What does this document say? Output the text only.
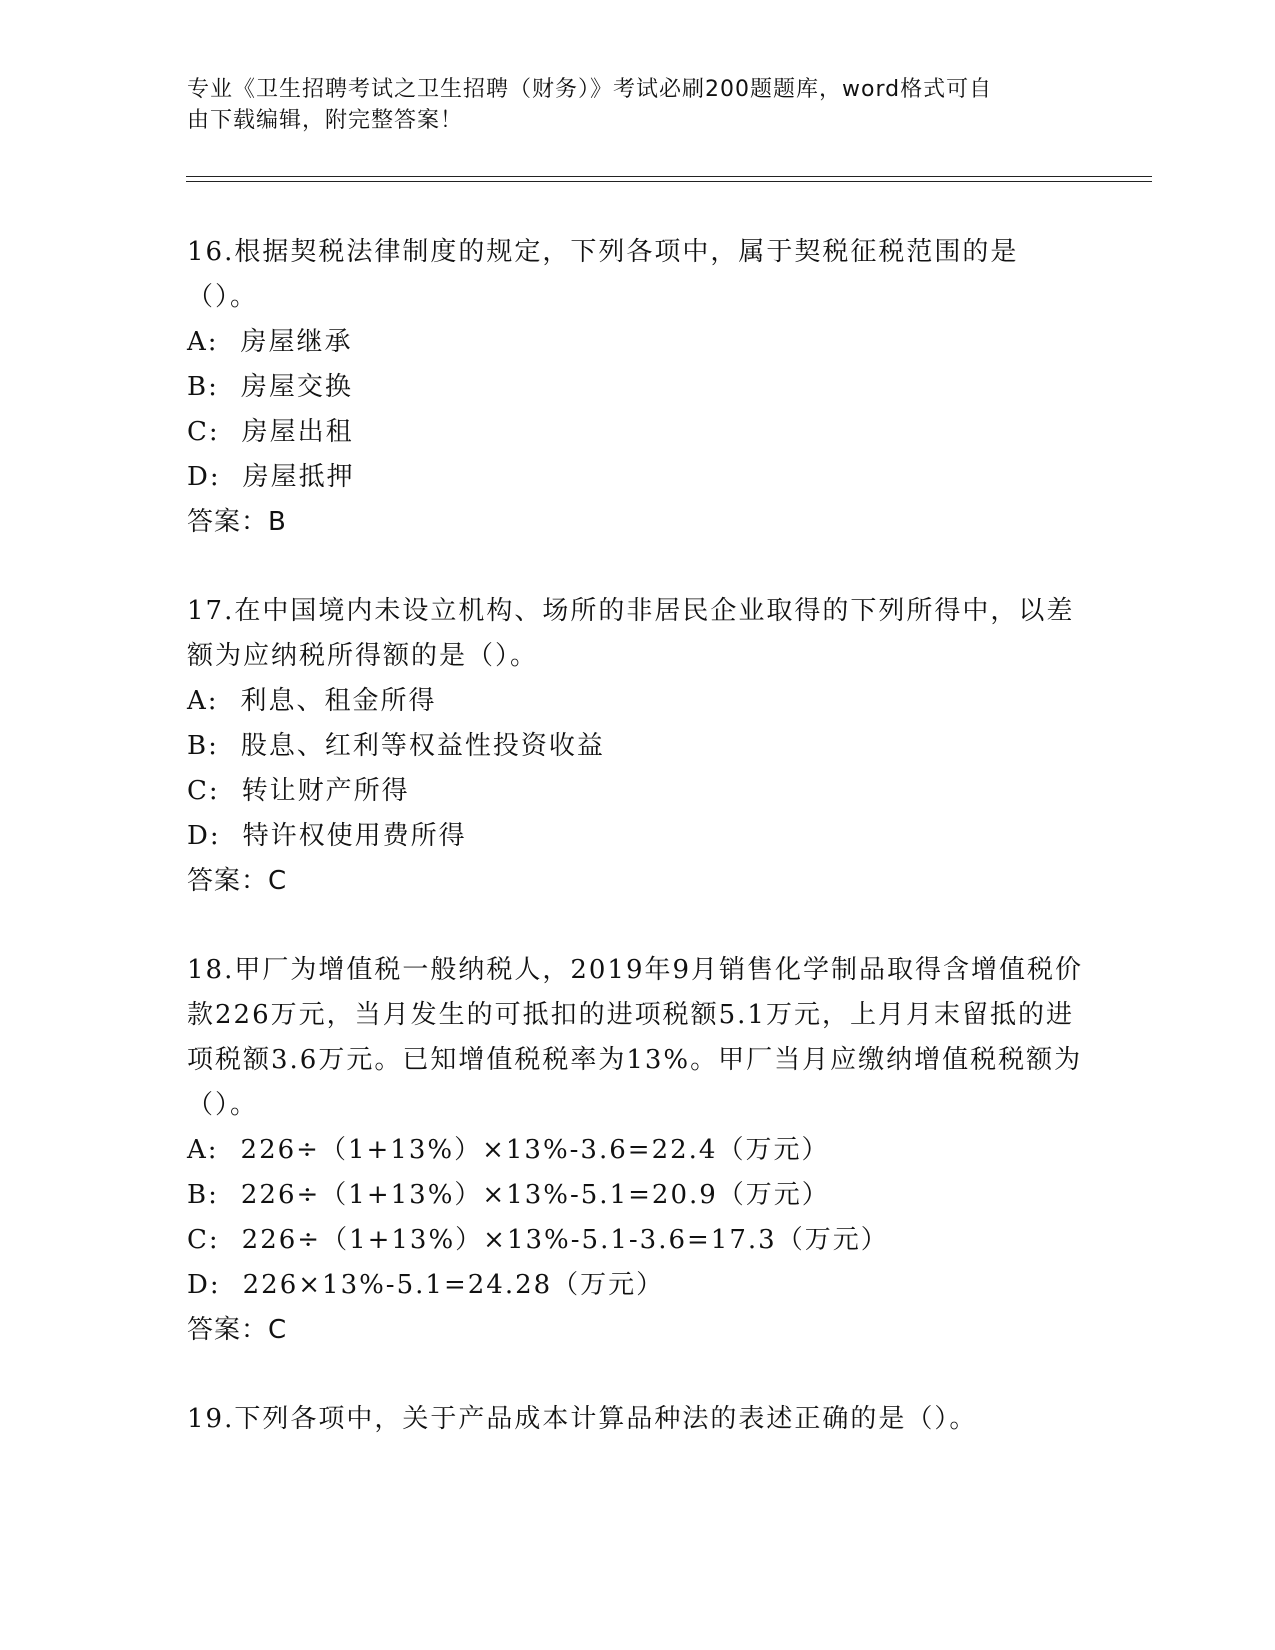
专业《卫生招聘考试之卫生招聘（财务）》考试必刷200题题库，word格式可自
由下载编辑，附完整答案！
16.根据契税法律制度的规定，下列各项中，属于契税征税范围的是（）。
A: 房屋继承
B: 房屋交换
C: 房屋出租
D: 房屋抵押
答案：B
17.在中国境内未设立机构、场所的非居民企业取得的下列所得中，以差额为应纳税所得额的是（）。
A: 利息、租金所得
B: 股息、红利等权益性投资收益
C: 转让财产所得
D: 特许权使用费所得
答案：C
18.甲厂为增值税一般纳税人，2019年9月销售化学制品取得含增值税价款226万元，当月发生的可抵扣的进项税额5.1万元，上月月末留抵的进项税额3.6万元。已知增值税税率为13%。甲厂当月应缴纳增值税税额为（）。
A: 226÷（1+13%）×13%-3.6=22.4（万元）
B: 226÷（1+13%）×13%-5.1=20.9（万元）
C: 226÷（1+13%）×13%-5.1-3.6=17.3（万元）
D: 226×13%-5.1=24.28（万元）
答案：C
19.下列各项中，关于产品成本计算品种法的表述正确的是（）。
